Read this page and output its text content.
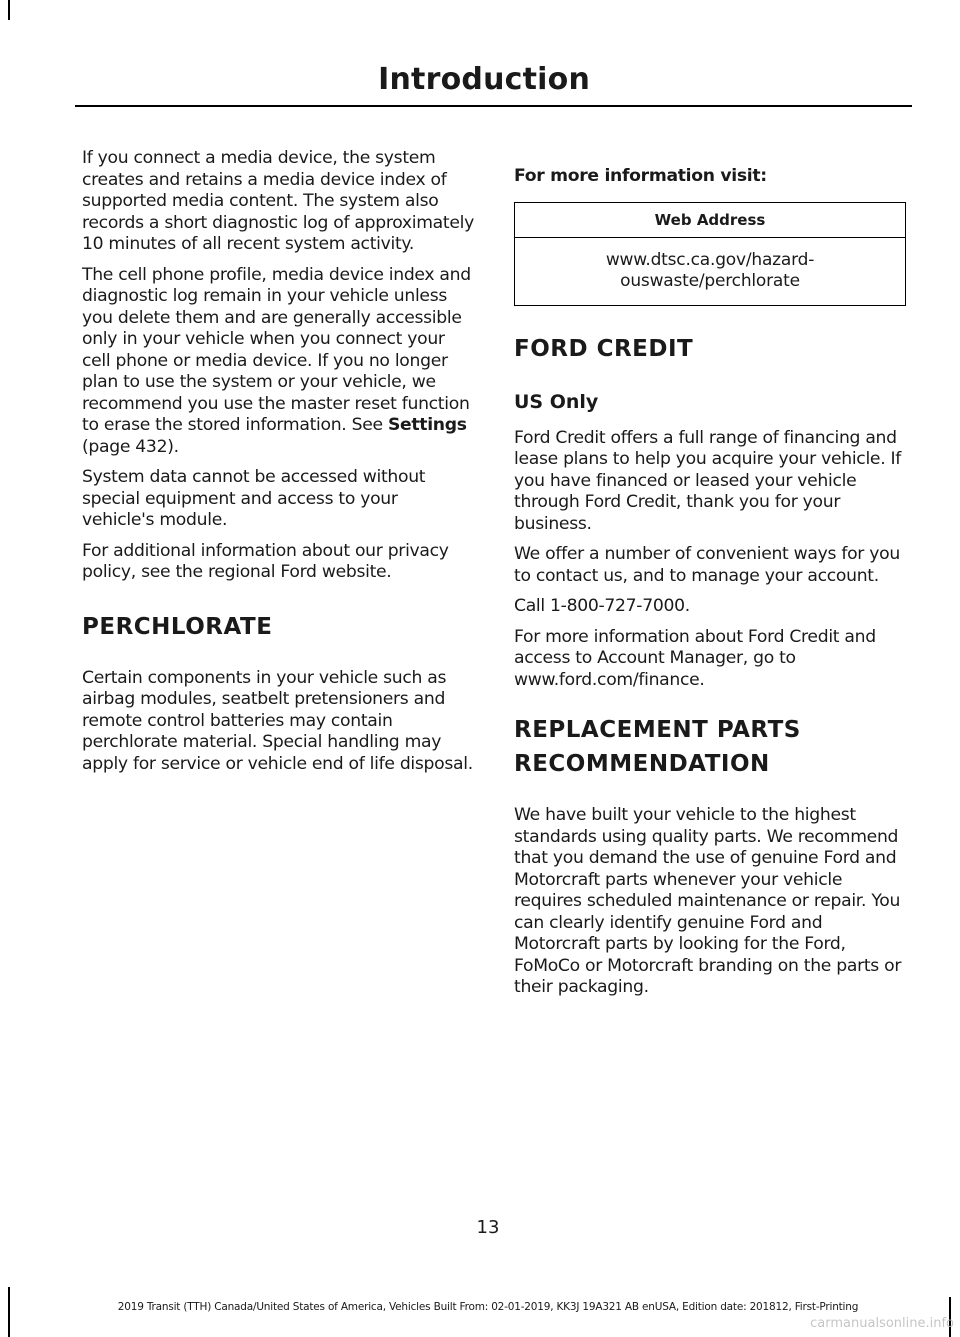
Introduction

If you connect a media device, the system creates and retains a media device index of supported media content. The system also records a short diagnostic log of approximately 10 minutes of all recent system activity.

The cell phone profile, media device index and diagnostic log remain in your vehicle unless you delete them and are generally accessible only in your vehicle when you connect your cell phone or media device. If you no longer plan to use the system or your vehicle, we recommend you use the master reset function to erase the stored information. See Settings (page 432).

System data cannot be accessed without special equipment and access to your vehicle's module.

For additional information about our privacy policy, see the regional Ford website.

PERCHLORATE

Certain components in your vehicle such as airbag modules, seatbelt pretensioners and remote control batteries may contain perchlorate material. Special handling may apply for service or vehicle end of life disposal.

For more information visit:

Web Address
www.dtsc.ca.gov/hazard-ouswaste/perchlorate
FORD CREDIT
US Only

Ford Credit offers a full range of financing and lease plans to help you acquire your vehicle. If you have financed or leased your vehicle through Ford Credit, thank you for your business.

We offer a number of convenient ways for you to contact us, and to manage your account.

Call 1-800-727-7000.

For more information about Ford Credit and access to Account Manager, go to www.ford.com/finance.

REPLACEMENT PARTS
RECOMMENDATION

We have built your vehicle to the highest standards using quality parts. We recommend that you demand the use of genuine Ford and Motorcraft parts whenever your vehicle requires scheduled maintenance or repair. You can clearly identify genuine Ford and Motorcraft parts by looking for the Ford, FoMoCo or Motorcraft branding on the parts or their packaging.

13
2019 Transit (TTH) Canada/United States of America, Vehicles Built From: 02-01-2019, KK3J 19A321 AB enUSA, Edition date: 201812, First-Printing
carmanualsonline.info
